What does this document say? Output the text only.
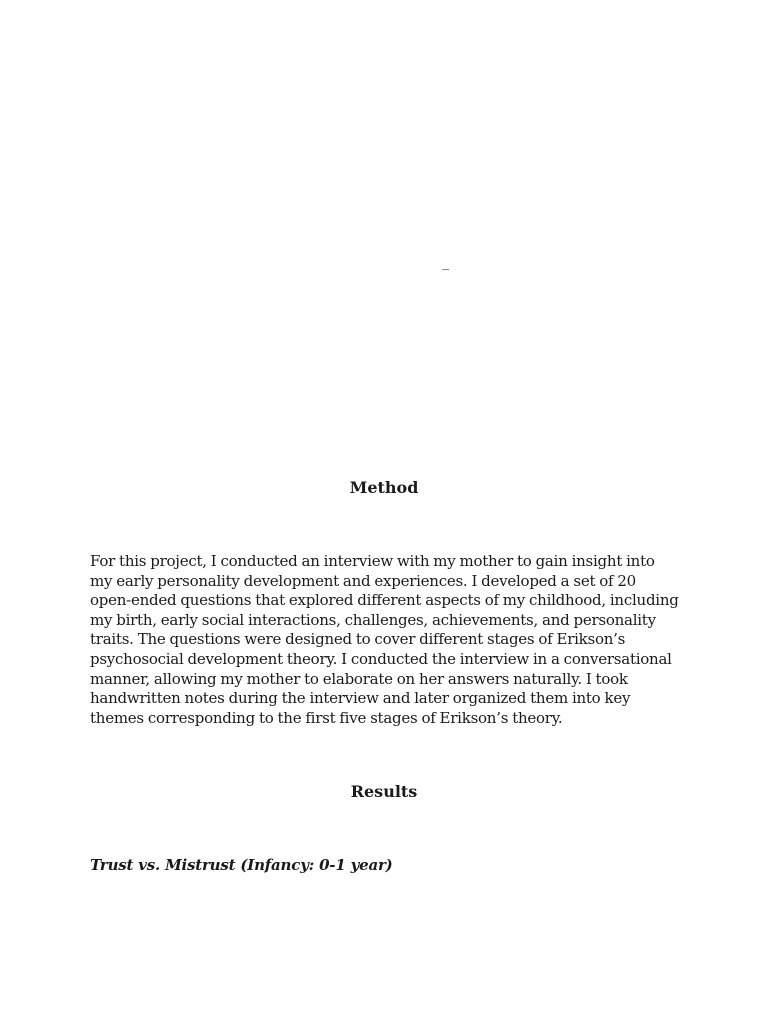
_
Method
For this project, I conducted an interview with my mother to gain insight into my early personality development and experiences. I developed a set of 20 open-ended questions that explored different aspects of my childhood, including my birth, early social interactions, challenges, achievements, and personality traits. The questions were designed to cover different stages of Erikson’s psychosocial development theory. I conducted the interview in a conversational manner, allowing my mother to elaborate on her answers naturally. I took handwritten notes during the interview and later organized them into key themes corresponding to the first five stages of Erikson’s theory.
Results
Trust vs. Mistrust (Infancy: 0-1 year)
